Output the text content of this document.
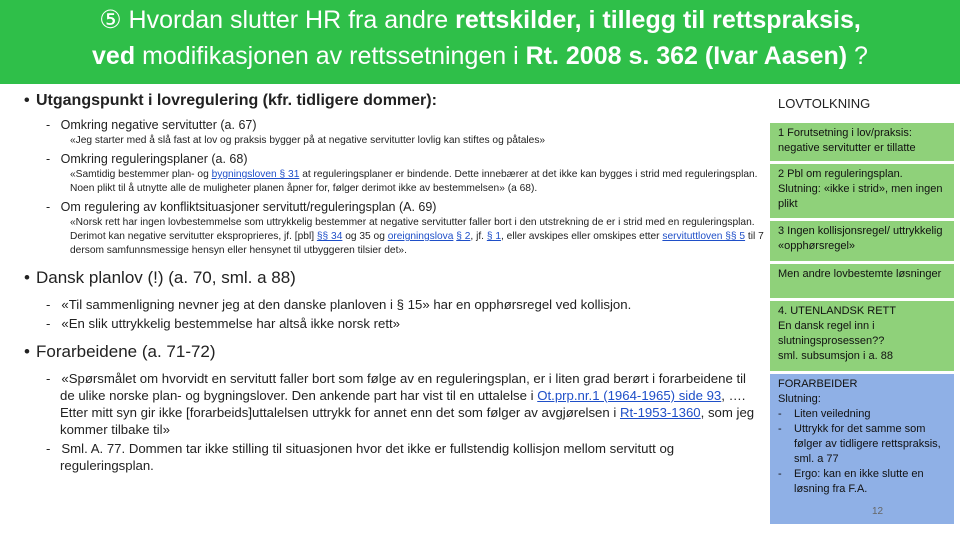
⑤ Hvordan slutter HR fra andre rettskilder, i tillegg til rettspraksis,
ved modifikasjonen av rettssetningen i Rt. 2008 s. 362 (Ivar Aasen) ?
• Utgangspunkt i lovregulering (kfr. tidligere dommer):
-   Omkring negative servitutter (a. 67)
«Jeg starter med å slå fast at lov og praksis bygger på at negative servitutter lovlig kan stiftes og påtales»
-   Omkring reguleringsplaner (a. 68)
«Samtidig bestemmer plan- og bygningsloven § 31 at reguleringsplaner er bindende. Dette innebærer at det ikke kan bygges i strid med reguleringsplan. Noen plikt til å utnytte alle de muligheter planen åpner for, følger derimot ikke av bestemmelsen» (a 68).
-   Om regulering av konfliktsituasjoner servitutt/reguleringsplan (A. 69)
«Norsk rett har ingen lovbestemmelse som uttrykkelig bestemmer at negative servitutter faller bort i den utstrekning de er i strid med en reguleringsplan. Derimot kan negative servitutter eksproprieres, jf. [pbl] §§ 34 og 35 og oreigningslova § 2, jf. § 1, eller avskipes eller omskipes etter servituttloven §§ 5 til 7 dersom samfunnsmessige hensyn eller hensynet til utbyggeren tilsier det».
• Dansk planlov (!) (a. 70, sml. a 88)
-   «Til sammenligning nevner jeg at den danske planloven i § 15» har en opphørsregel ved kollisjon.
-   «En slik uttrykkelig bestemmelse har altså ikke norsk rett»
• Forarbeidene (a. 71-72)
-   «Spørsmålet om hvorvidt en servitutt faller bort som følge av en reguleringsplan, er i liten grad berørt i forarbeidene til de ulike norske plan- og bygningslover. Den ankende part har vist til en uttalelse i Ot.prp.nr.1 (1964-1965) side 93, …. Etter mitt syn gir ikke [forarbeids]uttalelsen uttrykk for annet enn det som følger av avgjørelsen i Rt-1953-1360, som jeg kommer tilbake til»
-   Sml. A. 77. Dommen tar ikke stilling til situasjonen hvor det ikke er fullstendig kollisjon mellom servitutt og reguleringsplan.
LOVTOLKNING
1 Forutsetning i lov/praksis: negative servitutter er tillatte
2 Pbl om reguleringsplan. Slutning: «ikke i strid», men ingen plikt
3 Ingen kollisjonsregel/ uttrykkelig «opphørsregel»
Men andre lovbestemte løsninger
4. UTENLANDSK RETT
En dansk regel inn i slutningsprosessen??
sml. subsumsjon i a. 88
FORARBEIDER
Slutning:
- Liten veiledning
- Uttrykk for det samme som følger av tidligere rettspraksis, sml. a 77
- Ergo: kan en ikke slutte en løsning fra F.A.
12
